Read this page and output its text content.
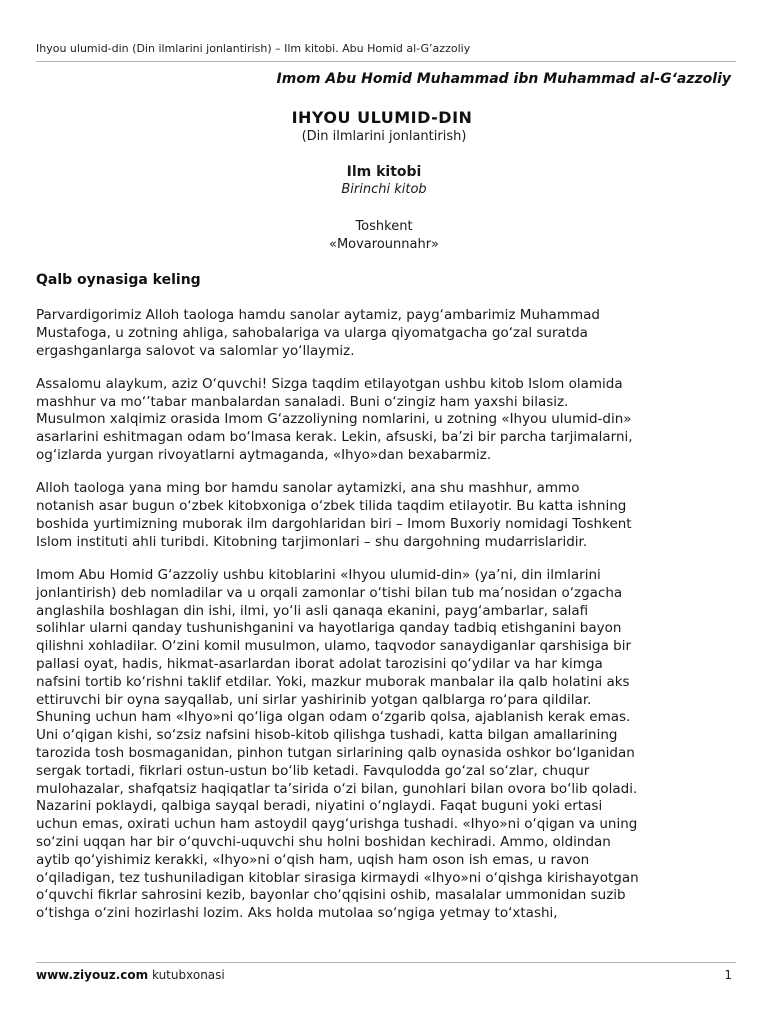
Ihyou ulumid-din (Din ilmlarini jonlantirish) – Ilm kitobi. Abu Homid al-G’azzoliy
Imom Abu Homid Muhammad ibn Muhammad al-G‘azzoliy
IHYOU ULUMID-DIN
(Din ilmlarini jonlantirish)
Ilm kitobi
Birinchi kitob
Toshkent
«Movarounnahr»
Qalb oynasiga keling
Parvardigorimiz Alloh taologa hamdu sanolar aytamiz, payg‘ambarimiz Muhammad
Mustafoga, u zotning ahliga, sahobalariga va ularga qiyomatgacha go‘zal suratda
ergashganlarga salovot va salomlar yo‘llaymiz.
Assalomu alaykum, aziz O‘quvchi! Sizga taqdim etilayotgan ushbu kitob Islom olamida
mashhur va mo‘’tabar manbalardan sanaladi. Buni o‘zingiz ham yaxshi bilasiz.
Musulmon xalqimiz orasida Imom G‘azzoliyning nomlarini, u zotning «Ihyou ulumid-din»
asarlarini eshitmagan odam bo‘lmasa kerak. Lekin, afsuski, ba’zi bir parcha tarjimalarni,
og‘izlarda yurgan rivoyatlarni aytmaganda, «Ihyo»dan bexabarmiz.
Alloh taologa yana ming bor hamdu sanolar aytamizki, ana shu mashhur, ammo
notanish asar bugun o‘zbek kitobxoniga o‘zbek tilida taqdim etilayotir. Bu katta ishning
boshida yurtimizning muborak ilm dargohlaridan biri – Imom Buxoriy nomidagi Toshkent
Islom instituti ahli turibdi. Kitobning tarjimonlari – shu dargohning mudarrislaridir.
Imom Abu Homid G‘azzoliy ushbu kitoblarini «Ihyou ulumid-din» (ya’ni, din ilmlarini
jonlantirish) deb nomladilar va u orqali zamonlar o‘tishi bilan tub ma’nosidan o‘zgacha
anglashila boshlagan din ishi, ilmi, yo‘li asli qanaqa ekanini, payg‘ambarlar, salafi
solihlar ularni qanday tushunishganini va hayotlariga qanday tadbiq etishganini bayon
qilishni xohladilar. O‘zini komil musulmon, ulamo, taqvodor sanaydiganlar qarshisiga bir
pallasi oyat, hadis, hikmat-asarlardan iborat adolat tarozisini qo‘ydilar va har kimga
nafsini tortib ko‘rishni taklif etdilar. Yoki, mazkur muborak manbalar ila qalb holatini aks
ettiruvchi bir oyna sayqallab, uni sirlar yashirinib yotgan qalblarga ro‘para qildilar.
Shuning uchun ham «Ihyo»ni qo‘liga olgan odam o‘zgarib qolsa, ajablanish kerak emas.
Uni o‘qigan kishi, so‘zsiz nafsini hisob-kitob qilishga tushadi, katta bilgan amallarining
tarozida tosh bosmaganidan, pinhon tutgan sirlarining qalb oynasida oshkor bo‘lganidan
sergak tortadi, fikrlari ostun-ustun bo‘lib ketadi. Favqulodda go‘zal so‘zlar, chuqur
mulohazalar, shafqatsiz haqiqatlar ta’sirida o‘zi bilan, gunohlari bilan ovora bo‘lib qoladi.
Nazarini poklaydi, qalbiga sayqal beradi, niyatini o‘nglaydi. Faqat buguni yoki ertasi
uchun emas, oxirati uchun ham astoydil qayg‘urishga tushadi. «Ihyo»ni o‘qigan va uning
so‘zini uqqan har bir o‘quvchi-uquvchi shu holni boshidan kechiradi. Ammo, oldindan
aytib qo‘yishimiz kerakki, «Ihyo»ni o‘qish ham, uqish ham oson ish emas, u ravon
o‘qiladigan, tez tushuniladigan kitoblar sirasiga kirmaydi «Ihyo»ni o‘qishga kirishayotgan
o‘quvchi fikrlar sahrosini kezib, bayonlar cho‘qqisini oshib, masalalar ummonidan suzib
o‘tishga o‘zini hozirlashi lozim. Aks holda mutolaa so‘ngiga yetmay to‘xtashi,
www.ziyouz.com kutubxonasi	1
